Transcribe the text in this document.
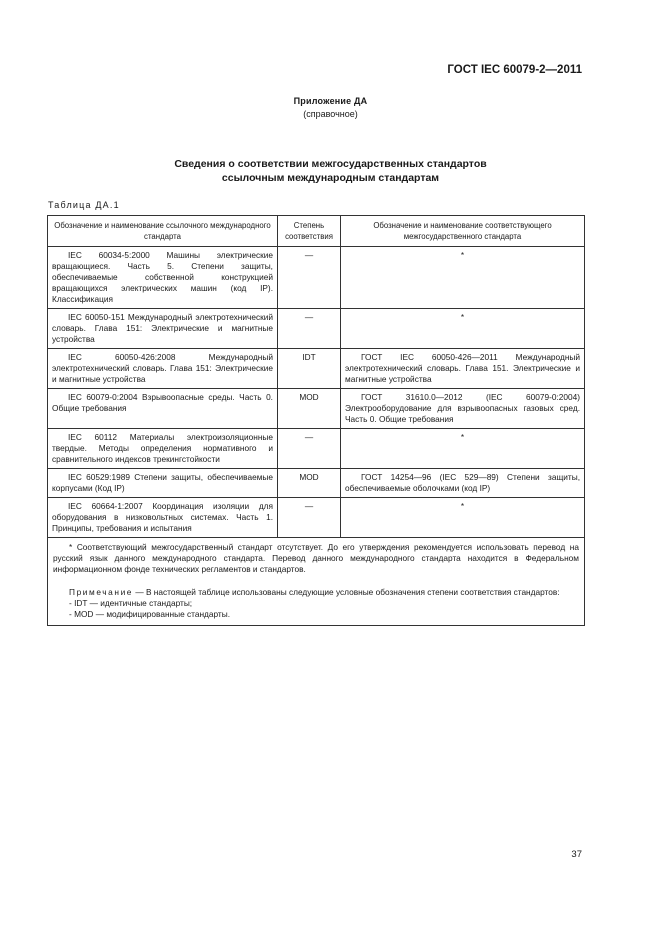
ГОСТ IEC 60079-2—2011
Приложение ДА
(справочное)
Сведения о соответствии межгосударственных стандартов
ссылочным международным стандартам
Таблица ДА.1
Обозначение и наименование ссылочного международного стандарта	Степень соответствия	Обозначение и наименование соответствующего межгосударственного стандарта
IEC 60034-5:2000 Машины электрические вращающиеся. Часть 5. Степени защиты, обеспечиваемые собственной конструкцией вращающихся электрических машин (код IP). Классификация	—	*

IEC 60050-151 Международный электротехнический словарь. Глава 151: Электрические и магнитные устройства	—	*

IEC 60050-426:2008 Международный электротехнический словарь. Глава 151: Электрические и магнитные устройства	IDT	ГОСТ IEC 60050-426—2011 Международный электротехнический словарь. Глава 151. Электрические и магнитные устройства
IEC 60079-0:2004 Взрывоопасные среды. Часть 0. Общие требования	MOD	ГОСТ 31610.0—2012 (IEC 60079-0:2004) Электрооборудование для взрывоопасных газовых сред. Часть 0. Общие требования
IEC 60112 Материалы электроизоляционные твердые. Методы определения нормативного и сравнительного индексов трекингстойкости	—	*

IEC 60529:1989 Степени защиты, обеспечиваемые корпусами (Код IP)	MOD	ГОСТ 14254—96 (IEC 529—89) Степени защиты, обеспечиваемые оболочками (код IP)
IEC 60664-1:2007 Координация изоляции для оборудования в низковольтных системах. Часть 1. Принципы, требования и испытания	—	*

* Соответствующий межгосударственный стандарт отсутствует. До его утверждения рекомендуется использовать перевод на русский язык данного международного стандарта. Перевод данного международного стандарта находится в Федеральном информационном фонде технических регламентов и стандартов.

Примечание — В настоящей таблице использованы следующие условные обозначения степени соответствия стандартов:

- IDT — идентичные стандарты;

- MOD — модифицированные стандарты.		

37
